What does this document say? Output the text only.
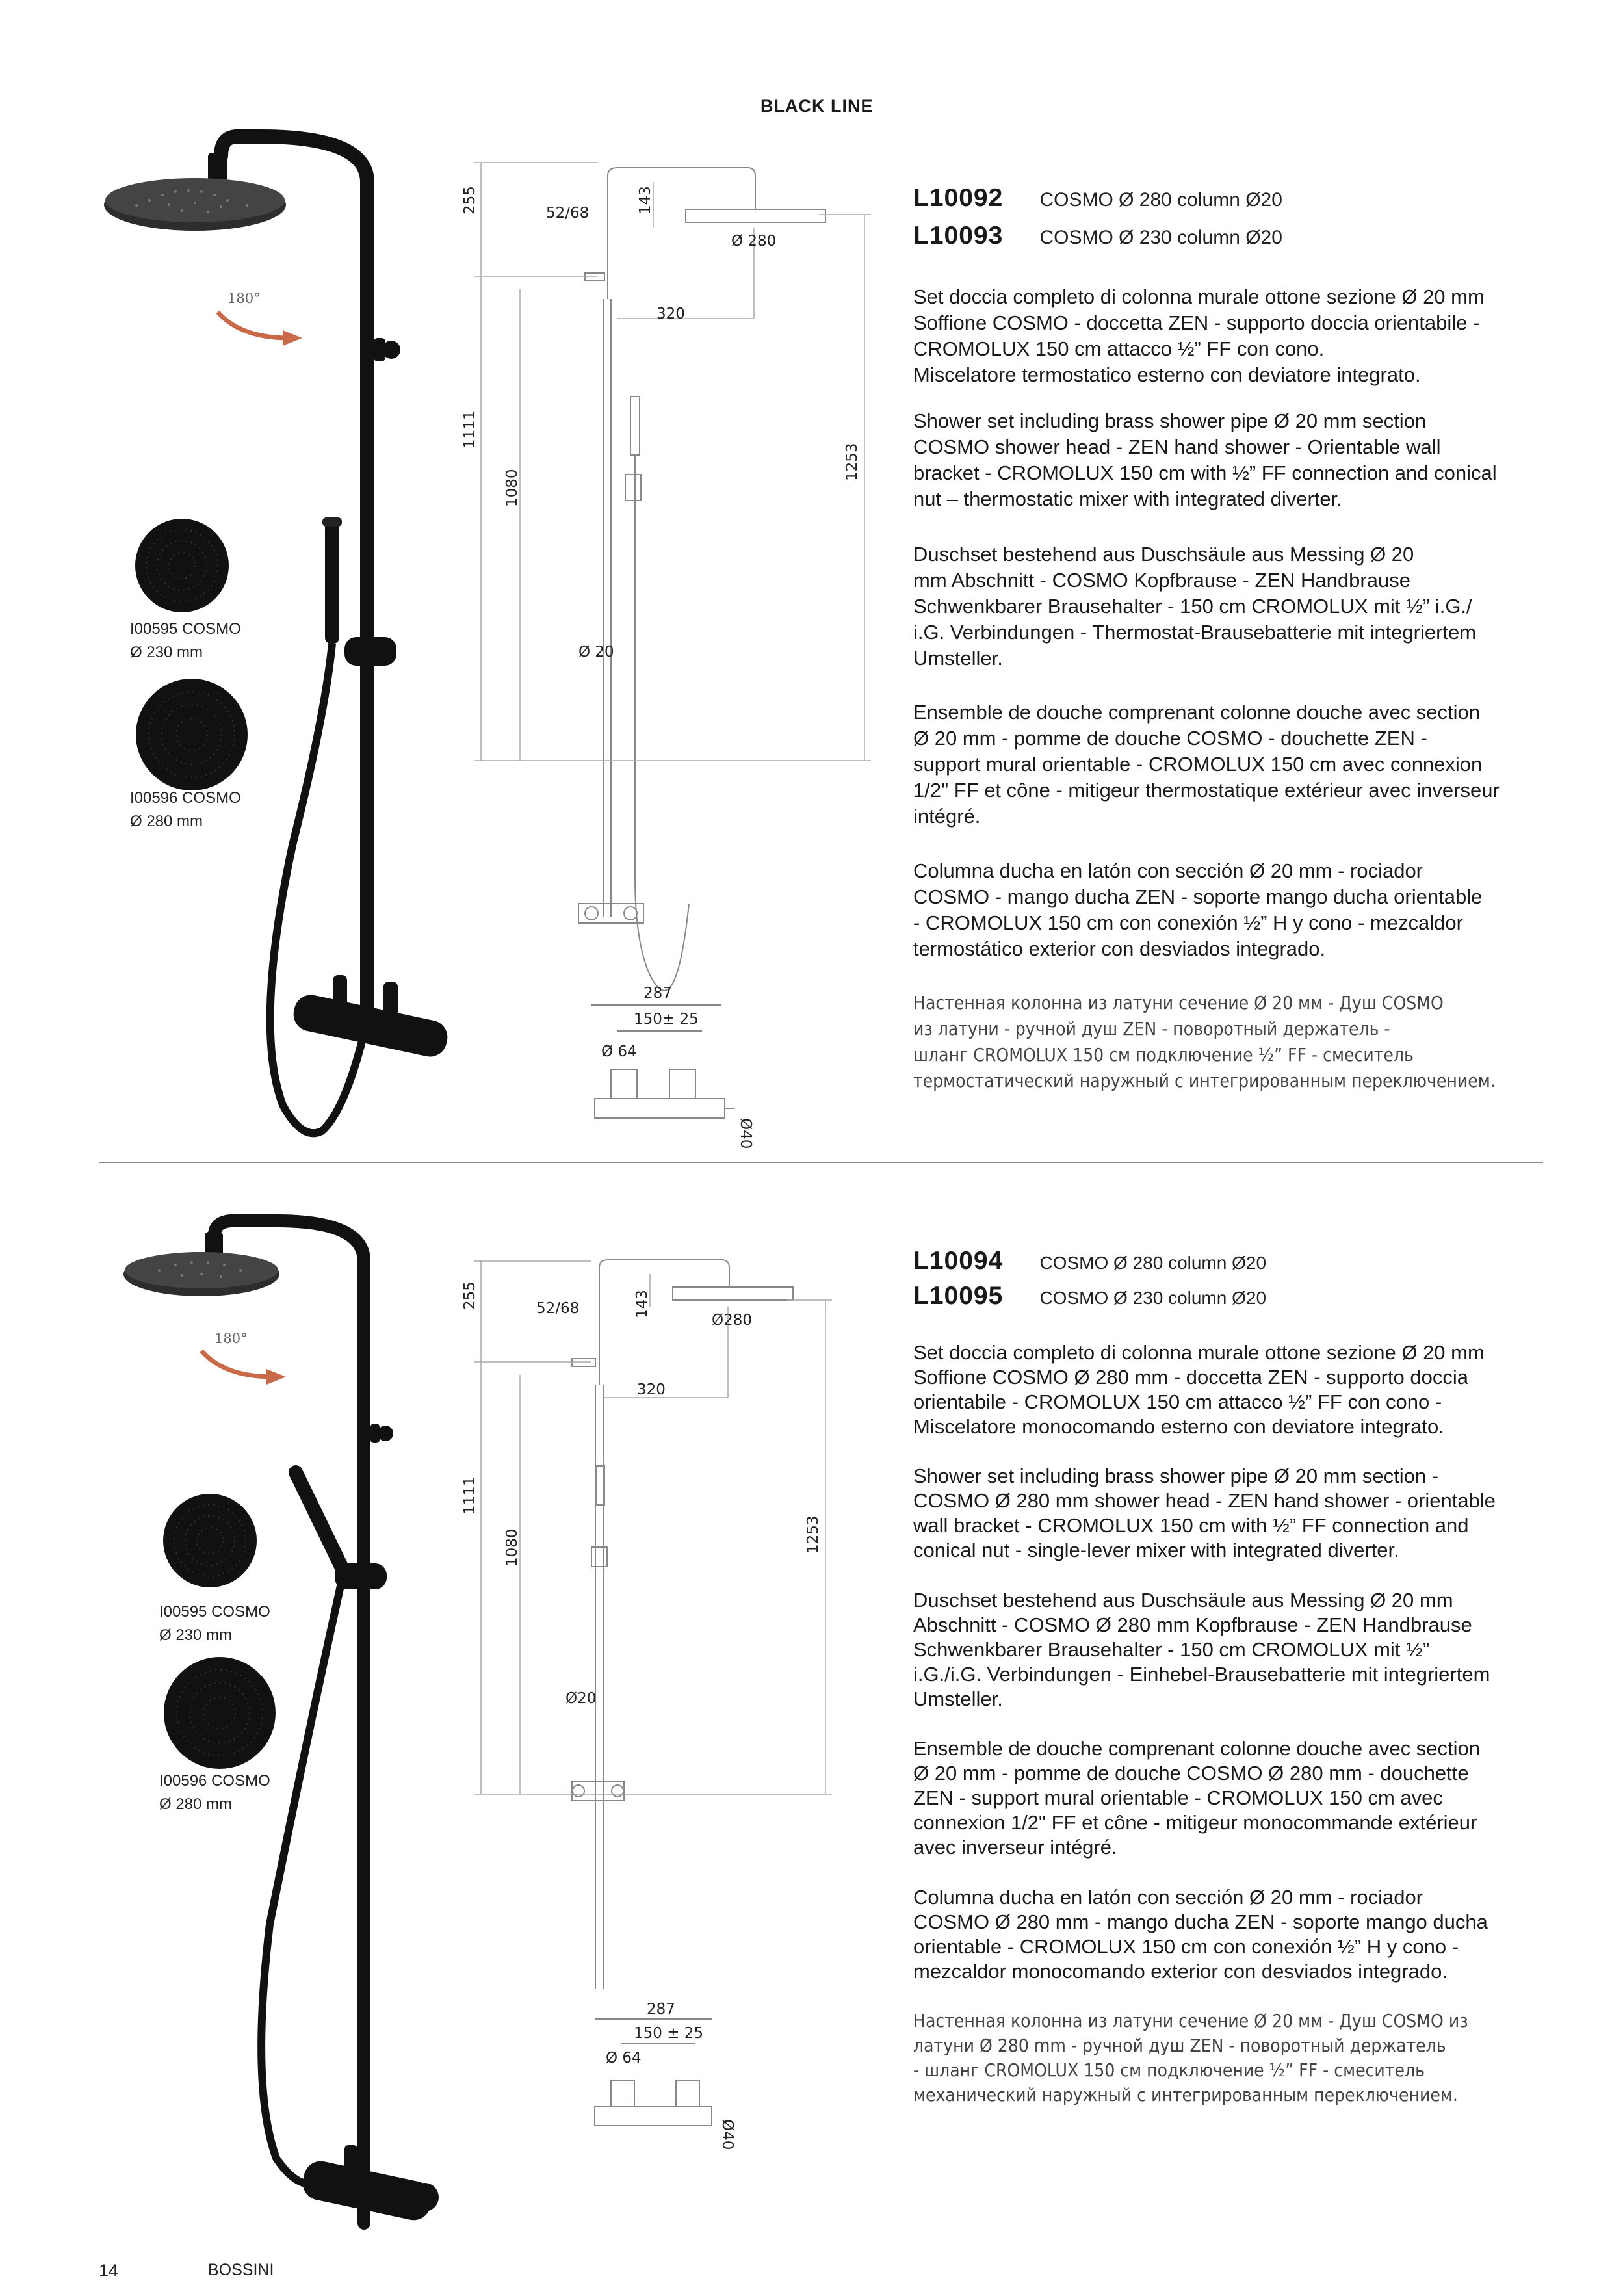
BLACK LINE
180°
I00595 COSMO
Ø 230 mm
I00596 COSMO
Ø 280 mm
255	52/68	143
Ø 280
320
1111
1080
1253
Ø 20
287
150± 25
Ø 64
Ø40
L10092 COSMO Ø 280 column Ø20
L10093 COSMO Ø 230 column Ø20
Set doccia completo di colonna murale ottone sezione Ø 20 mm
Soffione COSMO - doccetta ZEN - supporto doccia orientabile -
CROMOLUX 150 cm attacco ½” FF con cono.
Miscelatore termostatico esterno con deviatore integrato.
Shower set including brass shower pipe Ø 20 mm section
COSMO shower head - ZEN hand shower - Orientable wall
bracket - CROMOLUX 150 cm with ½” FF connection and conical
nut – thermostatic mixer with integrated diverter.
Duschset bestehend aus Duschsäule aus Messing Ø 20
mm Abschnitt - COSMO Kopfbrause - ZEN Handbrause
Schwenkbarer Brausehalter - 150 cm CROMOLUX mit ½” i.G./
i.G. Verbindungen - Thermostat-Brausebatterie mit integriertem
Umsteller.
Ensemble de douche comprenant colonne douche avec section
Ø 20 mm - pomme de douche COSMO - douchette ZEN -
support mural orientable - CROMOLUX 150 cm avec connexion
1/2" FF et cône - mitigeur thermostatique extérieur avec inverseur
intégré.
Columna ducha en latón con sección Ø 20 mm - rociador
COSMO - mango ducha ZEN - soporte mango ducha orientable
- CROMOLUX 150 cm con conexión ½” H y cono - mezcaldor
termostático exterior con desviados integrado.
Настенная колонна из латуни сечение Ø 20 мм - Душ COSMO
из латуни - ручной душ ZEN - поворотный держатель -
шланг CROMOLUX 150 см подключение ½” FF - смеситель
термостатический наружный с интегрированным переключением.
180°
I00595 COSMO
Ø 230 mm
I00596 COSMO
Ø 280 mm
255	52/68	143
Ø280
320
1111
1080	1253
Ø20
287
150 ± 25
Ø 64
Ø40
L10094 COSMO Ø 280 column Ø20
L10095 COSMO Ø 230 column Ø20
Set doccia completo di colonna murale ottone sezione Ø 20 mm
Soffione COSMO Ø 280 mm - doccetta ZEN - supporto doccia
orientabile - CROMOLUX 150 cm attacco ½” FF con cono -
Miscelatore monocomando esterno con deviatore integrato.
Shower set including brass shower pipe Ø 20 mm section -
COSMO Ø 280 mm shower head - ZEN hand shower - orientable
wall bracket - CROMOLUX 150 cm with ½” FF connection and
conical nut - single-lever mixer with integrated diverter.
Duschset bestehend aus Duschsäule aus Messing Ø 20 mm
Abschnitt - COSMO Ø 280 mm Kopfbrause - ZEN Handbrause
Schwenkbarer Brausehalter - 150 cm CROMOLUX mit ½”
i.G./i.G. Verbindungen - Einhebel-Brausebatterie mit integriertem
Umsteller.
Ensemble de douche comprenant colonne douche avec section
Ø 20 mm - pomme de douche COSMO Ø 280 mm - douchette
ZEN - support mural orientable - CROMOLUX 150 cm avec
connexion 1/2" FF et cône - mitigeur monocommande extérieur
avec inverseur intégré.
Columna ducha en latón con sección Ø 20 mm - rociador
COSMO Ø 280 mm - mango ducha ZEN - soporte mango ducha
orientable - CROMOLUX 150 cm con conexión ½” H y cono -
mezcaldor monocomando exterior con desviados integrado.
Настенная колонна из латуни сечение Ø 20 мм - Душ COSMO из
латуни Ø 280 mm - ручной душ ZEN - поворотный держатель
- шланг CROMOLUX 150 см подключение ½” FF - смеситель
механический наружный с интегрированным переключением.
14	BOSSINI
